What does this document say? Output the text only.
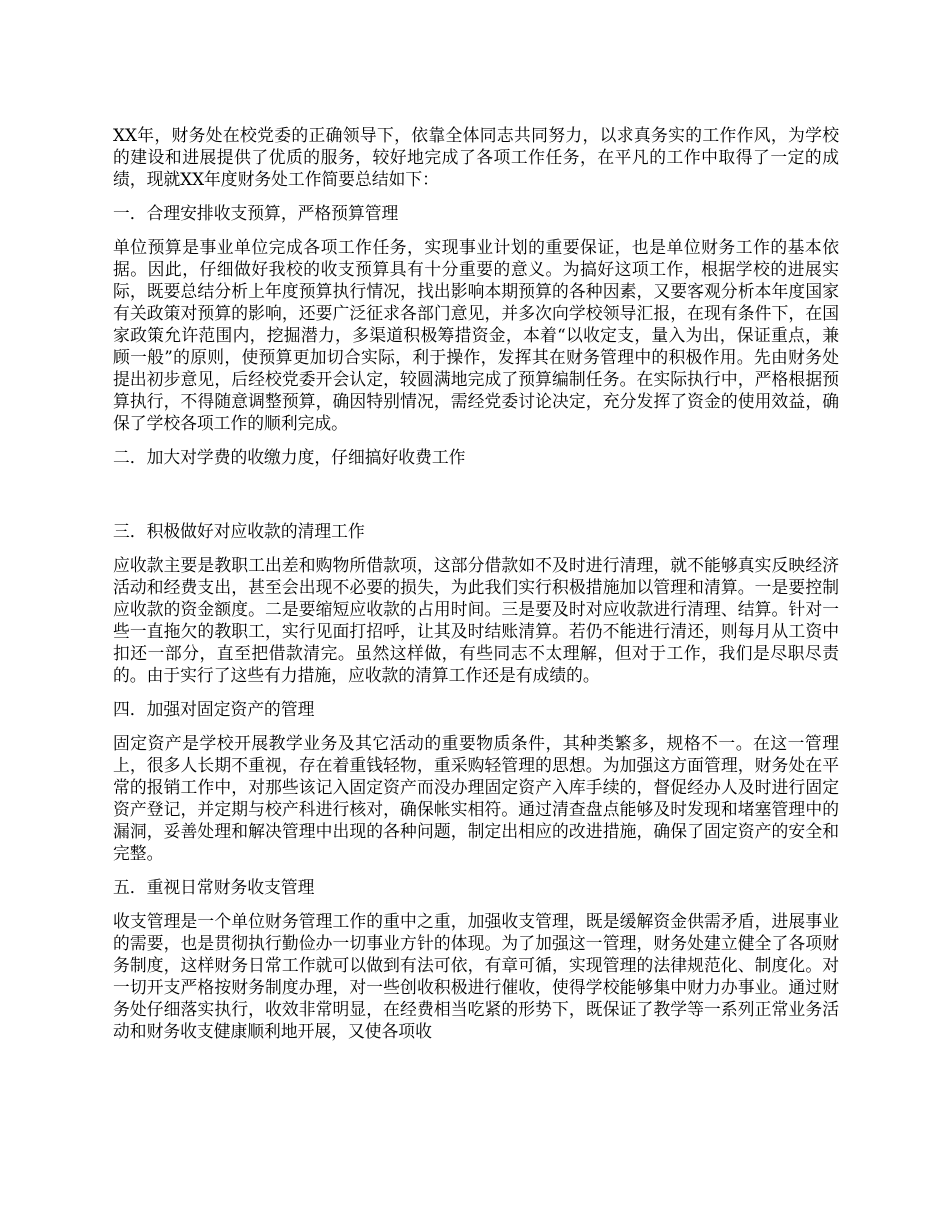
XX年，财务处在校党委的正确领导下，依靠全体同志共同努力，以求真务实的工作作风，为学校的建设和进展提供了优质的服务，较好地完成了各项工作任务，在平凡的工作中取得了一定的成绩，现就XX年度财务处工作简要总结如下：

一．合理安排收支预算，严格预算管理

单位预算是事业单位完成各项工作任务，实现事业计划的重要保证，也是单位财务工作的基本依据。因此，仔细做好我校的收支预算具有十分重要的意义。为搞好这项工作，根据学校的进展实际，既要总结分析上年度预算执行情况，找出影响本期预算的各种因素，又要客观分析本年度国家有关政策对预算的影响，还要广泛征求各部门意见，并多次向学校领导汇报，在现有条件下，在国家政策允许范围内，挖掘潜力，多渠道积极筹措资金，本着“以收定支，量入为出，保证重点，兼顾一般”的原则，使预算更加切合实际，利于操作，发挥其在财务管理中的积极作用。先由财务处提出初步意见，后经校党委开会认定，较圆满地完成了预算编制任务。在实际执行中，严格根据预算执行，不得随意调整预算，确因特别情况，需经党委讨论决定，充分发挥了资金的使用效益，确保了学校各项工作的顺利完成。

二．加大对学费的收缴力度，仔细搞好收费工作

三．积极做好对应收款的清理工作

应收款主要是教职工出差和购物所借款项，这部分借款如不及时进行清理，就不能够真实反映经济活动和经费支出，甚至会出现不必要的损失，为此我们实行积极措施加以管理和清算。一是要控制应收款的资金额度。二是要缩短应收款的占用时间。三是要及时对应收款进行清理、结算。针对一些一直拖欠的教职工，实行见面打招呼，让其及时结账清算。若仍不能进行清还，则每月从工资中扣还一部分，直至把借款清完。虽然这样做，有些同志不太理解，但对于工作，我们是尽职尽责的。由于实行了这些有力措施，应收款的清算工作还是有成绩的。

四．加强对固定资产的管理

固定资产是学校开展教学业务及其它活动的重要物质条件，其种类繁多，规格不一。在这一管理上，很多人长期不重视，存在着重钱轻物，重采购轻管理的思想。为加强这方面管理，财务处在平常的报销工作中，对那些该记入固定资产而没办理固定资产入库手续的，督促经办人及时进行固定资产登记，并定期与校产科进行核对，确保帐实相符。通过清查盘点能够及时发现和堵塞管理中的漏洞，妥善处理和解决管理中出现的各种问题，制定出相应的改进措施，确保了固定资产的安全和完整。

五．重视日常财务收支管理

收支管理是一个单位财务管理工作的重中之重，加强收支管理，既是缓解资金供需矛盾，进展事业的需要，也是贯彻执行勤俭办一切事业方针的体现。为了加强这一管理，财务处建立健全了各项财务制度，这样财务日常工作就可以做到有法可依，有章可循，实现管理的法律规范化、制度化。对一切开支严格按财务制度办理，对一些创收积极进行催收，使得学校能够集中财力办事业。通过财务处仔细落实执行，收效非常明显，在经费相当吃紧的形势下，既保证了教学等一系列正常业务活动和财务收支健康顺利地开展，又使各项收
